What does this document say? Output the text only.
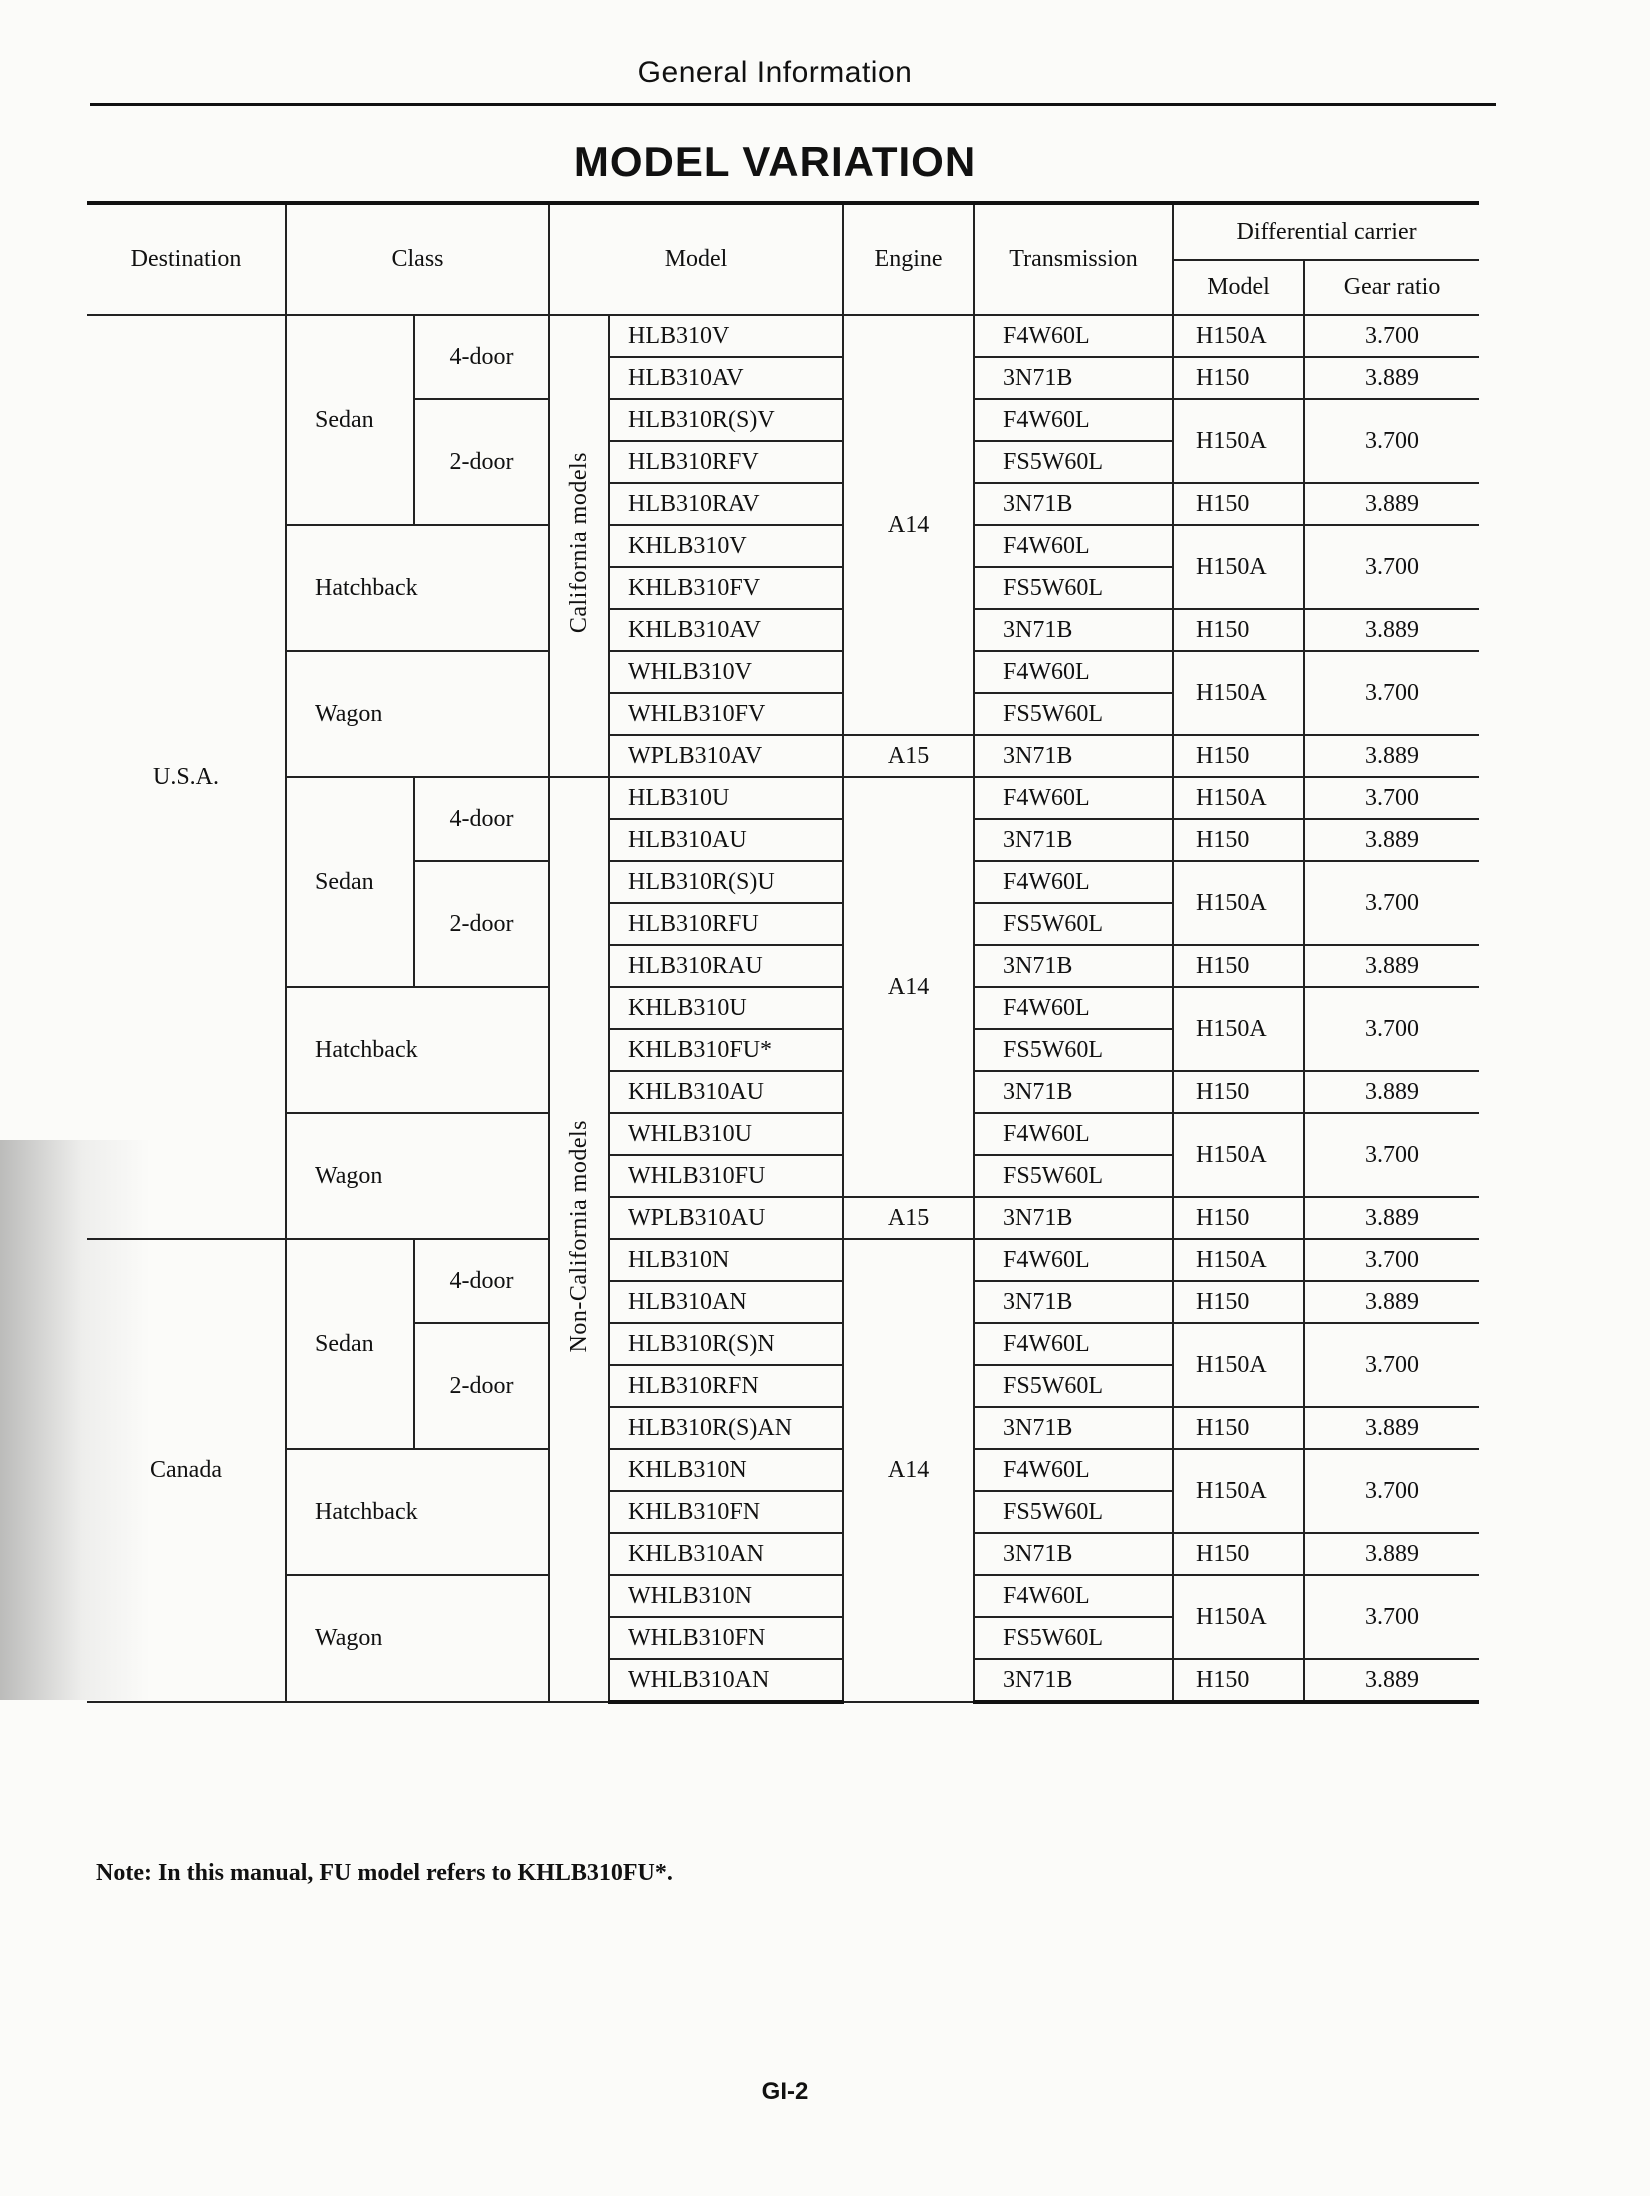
General Information
MODEL VARIATION
Destination	Class		Model		Engine	Transmission	Differential carrier	
							Model	Gear ratio
U.S.A.	Sedan	4-door	California models	HLB310V	A14	F4W60L	H150A	3.700
				HLB310AV		3N71B	H150	3.889
		2-door		HLB310R(S)V		F4W60L	H150A	3.700
				HLB310RFV		FS5W60L		
				HLB310RAV		3N71B	H150	3.889
	Hatchback			KHLB310V		F4W60L	H150A	3.700
				KHLB310FV		FS5W60L		
				KHLB310AV		3N71B	H150	3.889
	Wagon			WHLB310V		F4W60L	H150A	3.700
				WHLB310FV		FS5W60L		
				WPLB310AV	A15	3N71B	H150	3.889
	Sedan	4-door	Non-California models	HLB310U	A14	F4W60L	H150A	3.700
				HLB310AU		3N71B	H150	3.889
		2-door		HLB310R(S)U		F4W60L	H150A	3.700
				HLB310RFU		FS5W60L		
				HLB310RAU		3N71B	H150	3.889
	Hatchback			KHLB310U		F4W60L	H150A	3.700
				KHLB310FU*		FS5W60L		
				KHLB310AU		3N71B	H150	3.889
	Wagon			WHLB310U		F4W60L	H150A	3.700
				WHLB310FU		FS5W60L		
				WPLB310AU	A15	3N71B	H150	3.889
Canada	Sedan	4-door		HLB310N	A14	F4W60L	H150A	3.700
				HLB310AN		3N71B	H150	3.889
		2-door		HLB310R(S)N		F4W60L	H150A	3.700
				HLB310RFN		FS5W60L		
				HLB310R(S)AN		3N71B	H150	3.889
	Hatchback			KHLB310N		F4W60L	H150A	3.700
				KHLB310FN		FS5W60L		
				KHLB310AN		3N71B	H150	3.889
	Wagon			WHLB310N		F4W60L	H150A	3.700
				WHLB310FN		FS5W60L		
				WHLB310AN		3N71B	H150	3.889
Note: In this manual, FU model refers to KHLB310FU*.
GI-2
